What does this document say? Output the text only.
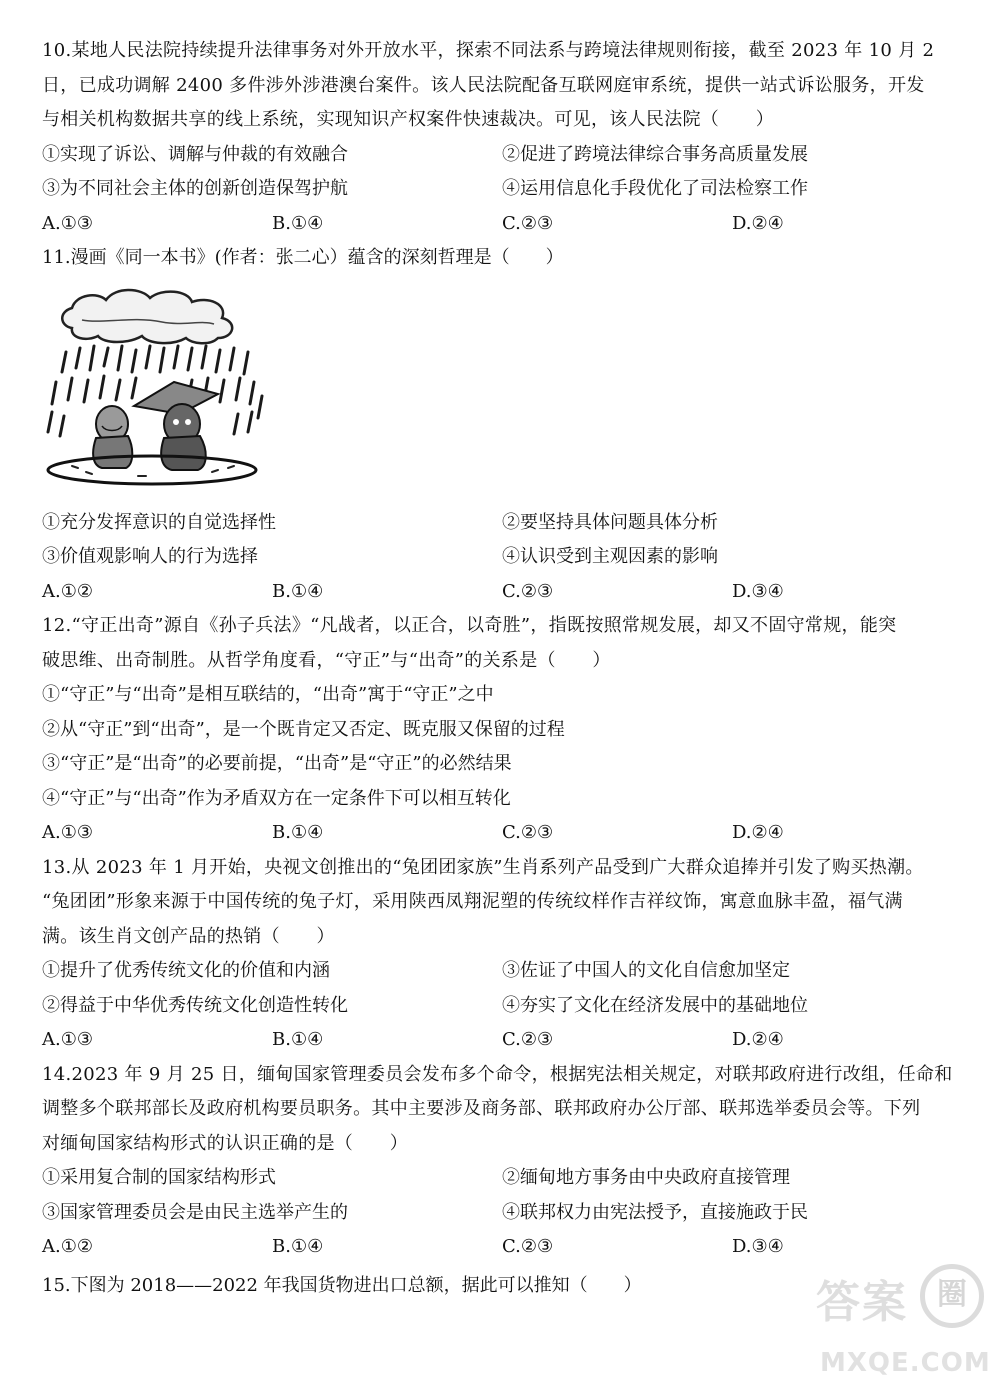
10.某地人民法院持续提升法律事务对外开放水平，探索不同法系与跨境法律规则衔接，截至 2023 年 10 月 2

日，已成功调解 2400 多件涉外涉港澳台案件。该人民法院配备互联网庭审系统，提供一站式诉讼服务，开发

与相关机构数据共享的线上系统，实现知识产权案件快速裁决。可见，该人民法院（　　）

①实现了诉讼、调解与仲裁的有效融合	②促进了跨境法律综合事务高质量发展
③为不同社会主体的创新创造保驾护航	④运用信息化手段优化了司法检察工作
A.①③	B.①④	C.②③	D.②④

11.漫画《同一本书》(作者：张二心）蕴含的深刻哲理是（　　）

①充分发挥意识的自觉选择性	②要坚持具体问题具体分析
③价值观影响人的行为选择	④认识受到主观因素的影响
A.①②	B.①④	C.②③	D.③④

12.“守正出奇”源自《孙子兵法》“凡战者，以正合，以奇胜”，指既按照常规发展，却又不固守常规，能突

破思维、出奇制胜。从哲学角度看，“守正”与“出奇”的关系是（　　）

①“守正”与“出奇”是相互联结的，“出奇”寓于“守正”之中

②从“守正”到“出奇”，是一个既肯定又否定、既克服又保留的过程

③“守正”是“出奇”的必要前提，“出奇”是“守正”的必然结果

④“守正”与“出奇”作为矛盾双方在一定条件下可以相互转化

A.①③	B.①④	C.②③	D.②④

13.从 2023 年 1 月开始，央视文创推出的“兔团团家族”生肖系列产品受到广大群众追捧并引发了购买热潮。

“兔团团”形象来源于中国传统的兔子灯，采用陕西凤翔泥塑的传统纹样作吉祥纹饰，寓意血脉丰盈，福气满

满。该生肖文创产品的热销（　　）

①提升了优秀传统文化的价值和内涵	③佐证了中国人的文化自信愈加坚定
②得益于中华优秀传统文化创造性转化	④夯实了文化在经济发展中的基础地位
A.①③	B.①④	C.②③	D.②④

14.2023 年 9 月 25 日，缅甸国家管理委员会发布多个命令，根据宪法相关规定，对联邦政府进行改组，任命和

调整多个联邦部长及政府机构要员职务。其中主要涉及商务部、联邦政府办公厅部、联邦选举委员会等。下列

对缅甸国家结构形式的认识正确的是（　　）

①采用复合制的国家结构形式	②缅甸地方事务由中央政府直接管理
③国家管理委员会是由民主选举产生的	④联邦权力由宪法授予，直接施政于民
A.①②	B.①④	C.②③	D.③④

15.下图为 2018——2022 年我国货物进出口总额，据此可以推知（　　）	答案 圈
MXQE.COM
